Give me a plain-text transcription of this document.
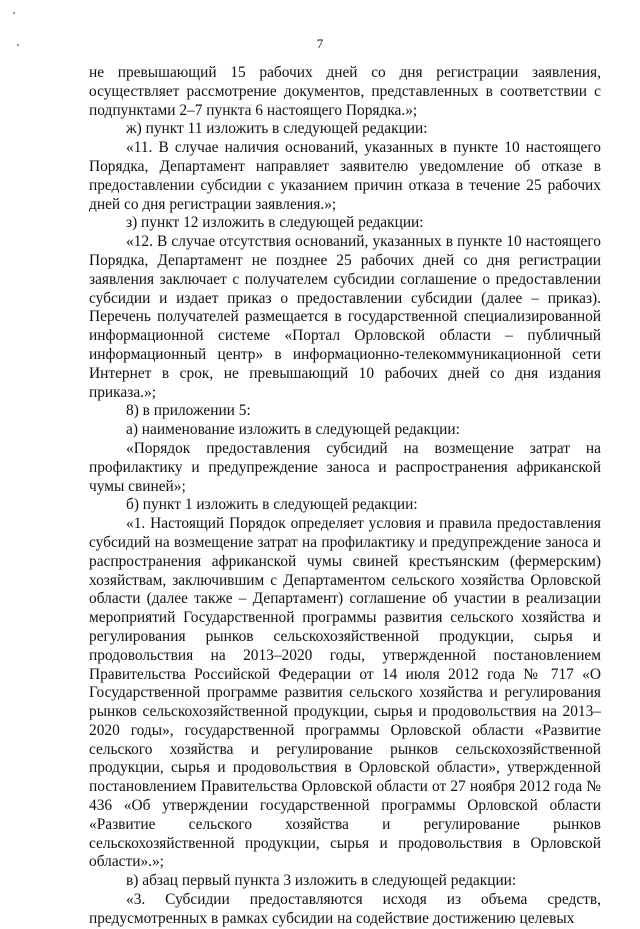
7

не превышающий 15 рабочих дней со дня регистрации заявления, осуществляет рассмотрение документов, представленных в соответствии с подпунктами 2–7 пункта 6 настоящего Порядка.»;

ж) пункт 11 изложить в следующей редакции:

«11. В случае наличия оснований, указанных в пункте 10 настоящего Порядка, Департамент направляет заявителю уведомление об отказе в предоставлении субсидии с указанием причин отказа в течение 25 рабочих дней со дня регистрации заявления.»;

з) пункт 12 изложить в следующей редакции:

«12. В случае отсутствия оснований, указанных в пункте 10 настоящего Порядка, Департамент не позднее 25 рабочих дней со дня регистрации заявления заключает с получателем субсидии соглашение о предоставлении субсидии и издает приказ о предоставлении субсидии (далее – приказ). Перечень получателей размещается в государственной специализированной информационной системе «Портал Орловской области – публичный информационный центр» в информационно-телекоммуникационной сети Интернет в срок, не превышающий 10 рабочих дней со дня издания приказа.»;

8) в приложении 5:

а) наименование изложить в следующей редакции:

«Порядок предоставления субсидий на возмещение затрат на профилактику и предупреждение заноса и распространения африканской чумы свиней»;

б) пункт 1 изложить в следующей редакции:

«1. Настоящий Порядок определяет условия и правила предоставления субсидий на возмещение затрат на профилактику и предупреждение заноса и распространения африканской чумы свиней крестьянским (фермерским) хозяйствам, заключившим с Департаментом сельского хозяйства Орловской области (далее также – Департамент) соглашение об участии в реализации мероприятий Государственной программы развития сельского хозяйства и регулирования рынков сельскохозяйственной продукции, сырья и продовольствия на 2013–2020 годы, утвержденной постановлением Правительства Российской Федерации от 14 июля 2012 года № 717 «О Государственной программе развития сельского хозяйства и регулирования рынков сельскохозяйственной продукции, сырья и продовольствия на 2013–2020 годы», государственной программы Орловской области «Развитие сельского хозяйства и регулирование рынков сельскохозяйственной продукции, сырья и продовольствия в Орловской области», утвержденной постановлением Правительства Орловской области от 27 ноября 2012 года № 436 «Об утверждении государственной программы Орловской области «Развитие сельского хозяйства и регулирование рынков сельскохозяйственной продукции, сырья и продовольствия в Орловской области».»;

в) абзац первый пункта 3 изложить в следующей редакции:

«3. Субсидии предоставляются исходя из объема средств, предусмотренных в рамках субсидии на содействие достижению целевых
